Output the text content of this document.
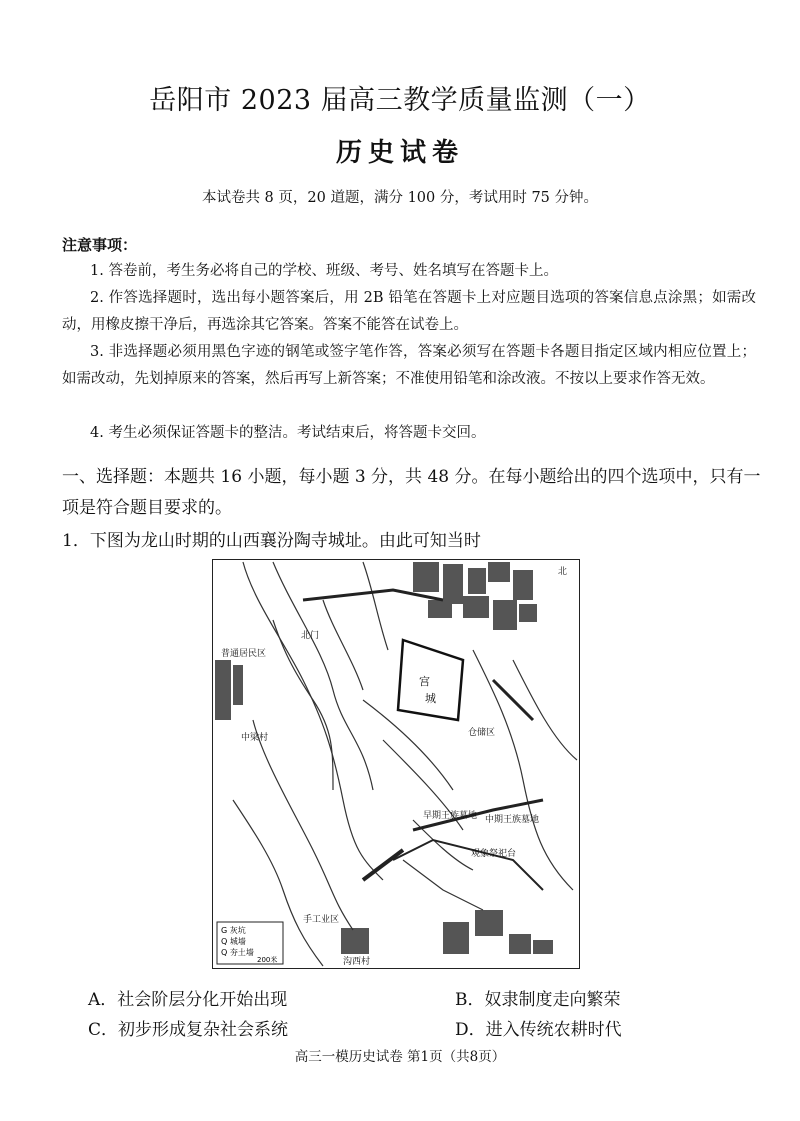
岳阳市 2023 届高三教学质量监测（一）
历史试卷
本试卷共 8 页，20 道题，满分 100 分，考试用时 75 分钟。
注意事项：
1. 答卷前，考生务必将自己的学校、班级、考号、姓名填写在答题卡上。
2. 作答选择题时，选出每小题答案后，用 2B 铅笔在答题卡上对应题目选项的答案信息点涂黑；如需改动，用橡皮擦干净后，再选涂其它答案。答案不能答在试卷上。
3. 非选择题必须用黑色字迹的钢笔或签字笔作答，答案必须写在答题卡各题目指定区域内相应位置上；如需改动，先划掉原来的答案，然后再写上新答案；不准使用铅笔和涂改液。不按以上要求作答无效。
4. 考生必须保证答题卡的整洁。考试结束后，将答题卡交回。
一、选择题：本题共 16 小题，每小题 3 分，共 48 分。在每小题给出的四个选项中，只有一项是符合题目要求的。
1．下图为龙山时期的山西襄汾陶寺城址。由此可知当时
北
宫
城
普通居民区
仓储区
手工业区
北门
中梁村
沟西村
中期王族墓地
早期王族墓地
观象祭祀台
G 灰坑
Q 城墙
Q 夯土墙
200米
A．社会阶层分化开始出现	B．奴隶制度走向繁荣
C．初步形成复杂社会系统	D．进入传统农耕时代
高三一模历史试卷 第1页（共8页）
